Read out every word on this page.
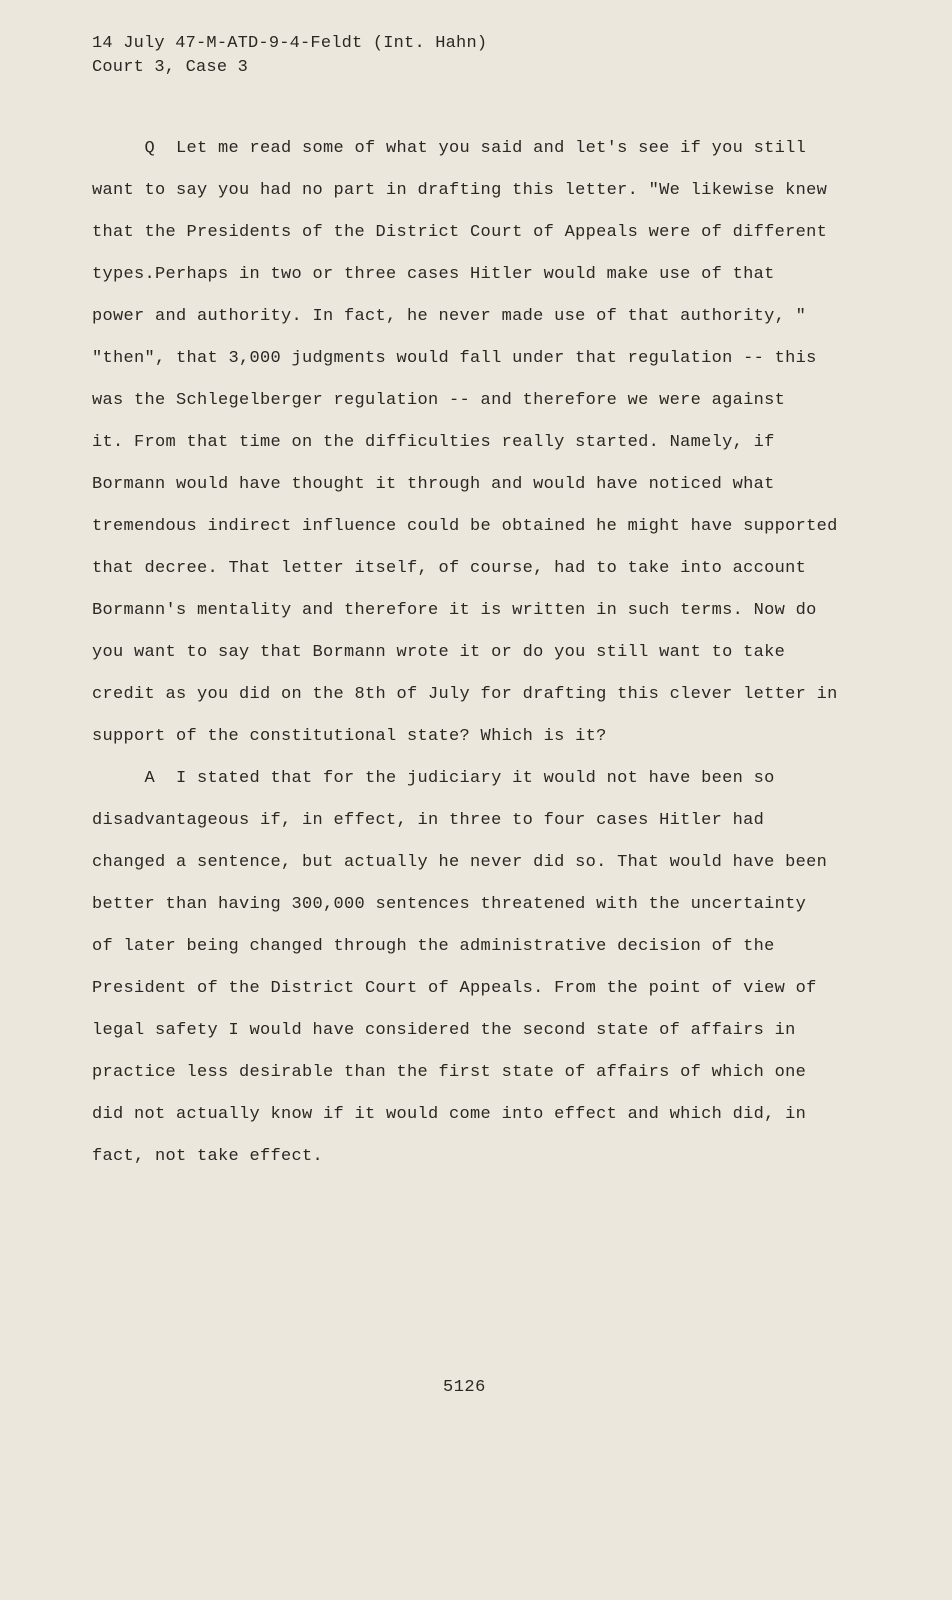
14 July 47-M-ATD-9-4-Feldt (Int. Hahn)
Court 3, Case 3
Q  Let me read some of what you said and let's see if you still
want to say you had no part in drafting this letter. "We likewise knew
that the Presidents of the District Court of Appeals were of different
types.Perhaps in two or three cases Hitler would make use of that
power and authority. In fact, he never made use of that authority, "
"then", that 3,000 judgments would fall under that regulation -- this
was the Schlegelberger regulation -- and therefore we were against
it. From that time on the difficulties really started. Namely, if
Bormann would have thought it through and would have noticed what
tremendous indirect influence could be obtained he might have supported
that decree. That letter itself, of course, had to take into account
Bormann's mentality and therefore it is written in such terms. Now do
you want to say that Bormann wrote it or do you still want to take
credit as you did on the 8th of July for drafting this clever letter in
support of the constitutional state? Which is it?
A  I stated that for the judiciary it would not have been so
disadvantageous if, in effect, in three to four cases Hitler had
changed a sentence, but actually he never did so. That would have been
better than having 300,000 sentences threatened with the uncertainty
of later being changed through the administrative decision of the
President of the District Court of Appeals. From the point of view of
legal safety I would have considered the second state of affairs in
practice less desirable than the first state of affairs of which one
did not actually know if it would come into effect and which did, in
fact, not take effect.
5126
